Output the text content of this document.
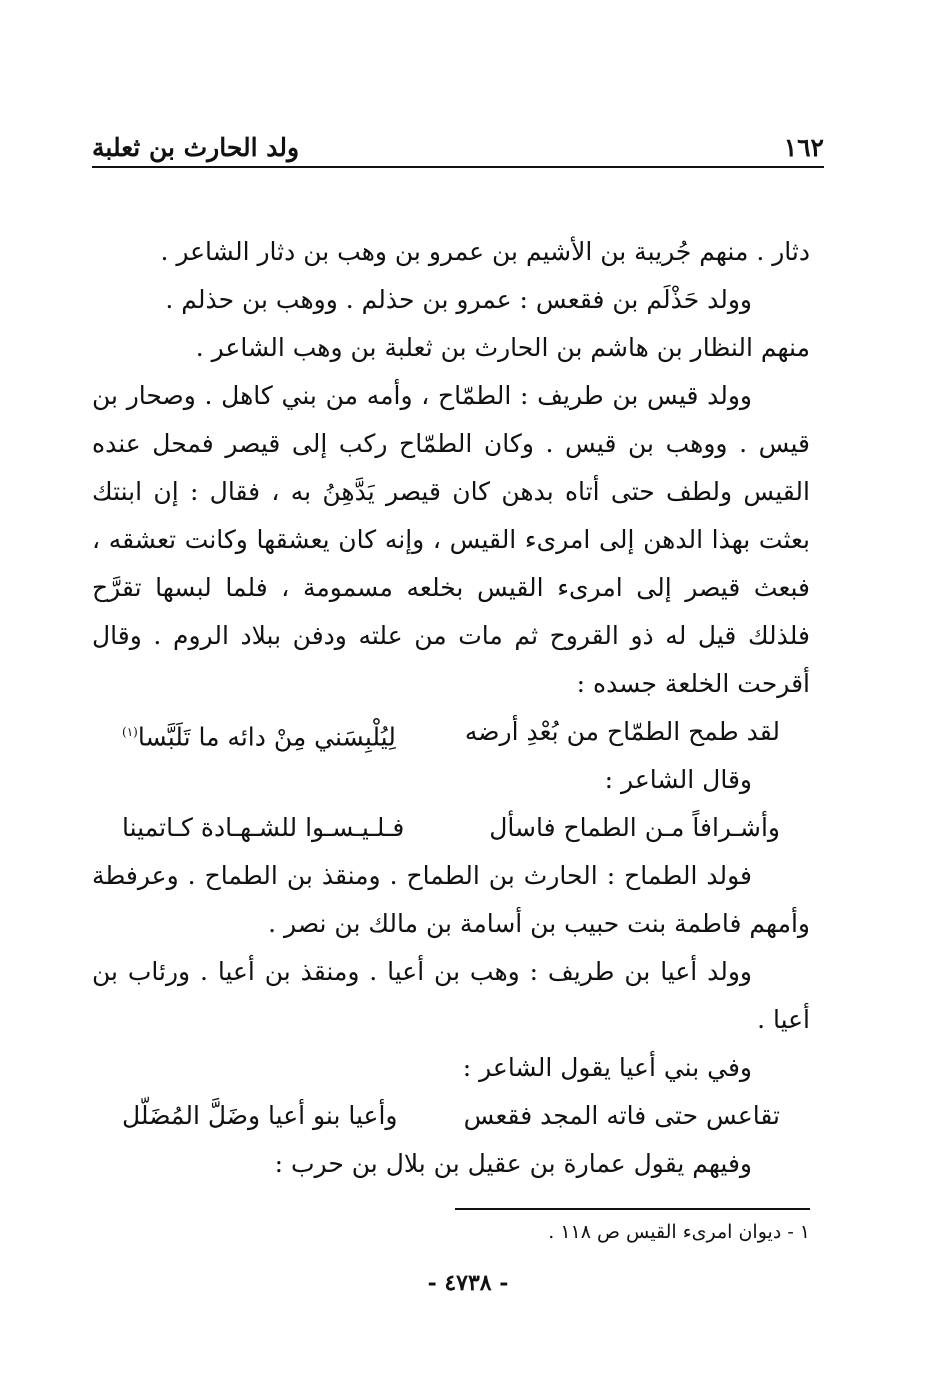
١٦٢
ولد الحارث بن ثعلبة
دثار . منهم جُريبة بن الأشيم بن عمرو بن وهب بن دثار الشاعر .
وولد حَذْلَم بن فقعس : عمرو بن حذلم . ووهب بن حذلم .
منهم النظار بن هاشم بن الحارث بن ثعلبة بن وهب الشاعر .
وولد قيس بن طريف : الطمّاح ، وأمه من بني كاهل . وصحار بن
قيس . ووهب بن قيس . وكان الطمّاح ركب إلى قيصر فمحل عنده
القيس ولطف حتى أتاه بدهن كان قيصر يَدَّهِنُ به ، فقال : إن ابنتك
بعثت بهذا الدهن إلى امرىء القيس ، وإنه كان يعشقها وكانت تعشقه ،
فبعث قيصر إلى امرىء القيس بخلعه مسمومة ، فلما لبسها تقرَّح
فلذلك قيل له ذو القروح ثم مات من علته ودفن ببلاد الروم . وقال
أقرحت الخلعة جسده :
لقد طمح الطمّاح من بُعْدِ أرضه
لِيُلْبِسَني مِنْ دائه ما تَلَبَّسا$^{(١)}$
وقال الشاعر :
وأشـرافاً مـن الطماح فاسأل
فـلـيـسـوا للشـهـادة كـاتمينا
فولد الطماح : الحارث بن الطماح . ومنقذ بن الطماح . وعرفطة
وأمهم فاطمة بنت حبيب بن أسامة بن مالك بن نصر .
وولد أعيا بن طريف : وهب بن أعيا . ومنقذ بن أعيا . ورئاب بن
أعيا .
وفي بني أعيا يقول الشاعر :
تقاعس حتى فاته المجد فقعس
وأعيا بنو أعيا وضَلَّ المُضَلّل
وفيهم يقول عمارة بن عقيل بن بلال بن حرب :
١ - ديوان امرىء القيس ص ١١٨ .
- ٤٧٣٨ -
